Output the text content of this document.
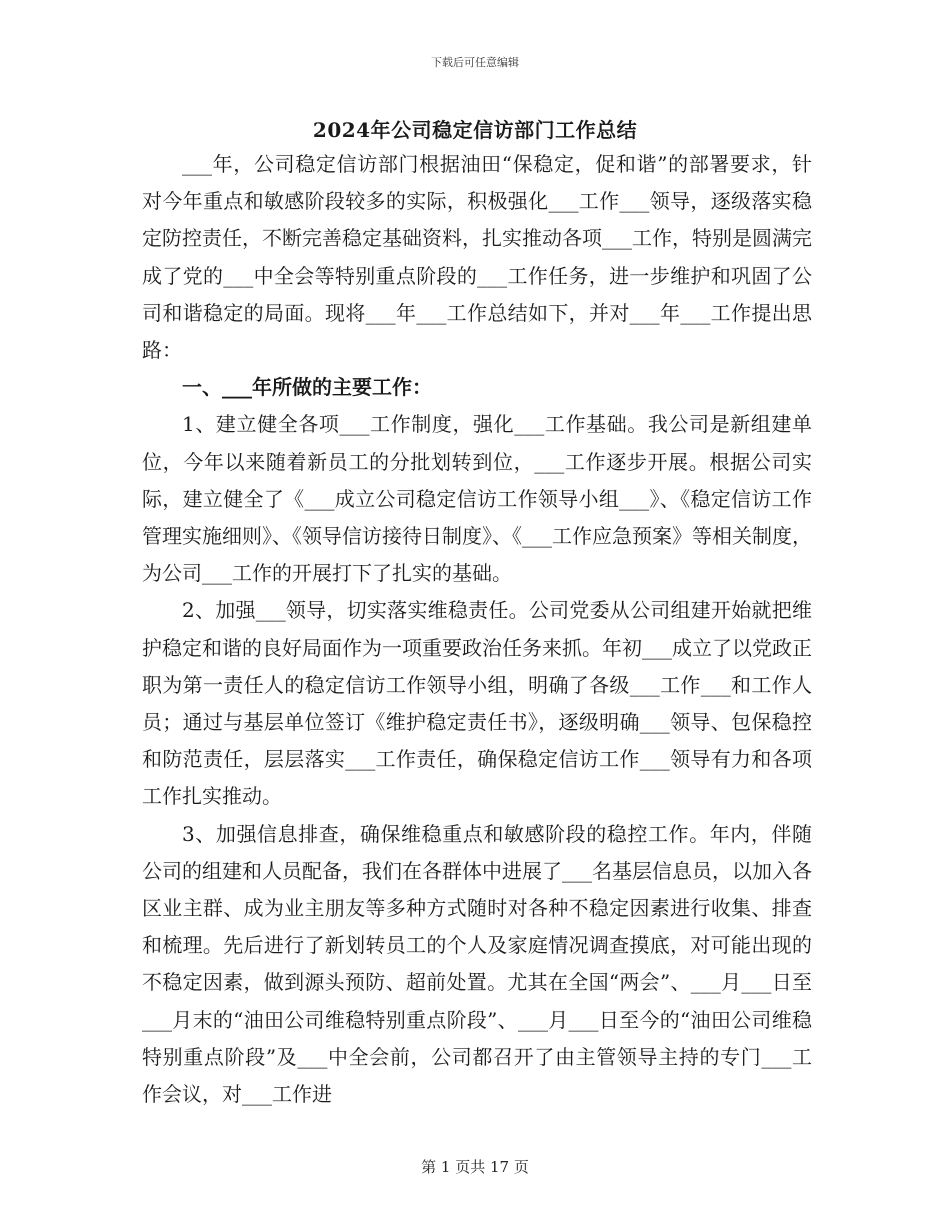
下载后可任意编辑
2024年公司稳定信访部门工作总结

___年，公司稳定信访部门根据油田“保稳定，促和谐”的部署要求，针对今年重点和敏感阶段较多的实际，积极强化___工作___领导，逐级落实稳定防控责任，不断完善稳定基础资料，扎实推动各项___工作，特别是圆满完成了党的___中全会等特别重点阶段的___工作任务，进一步维护和巩固了公司和谐稳定的局面。现将___年___工作总结如下，并对___年___工作提出思路：

一、___年所做的主要工作：

1、建立健全各项___工作制度，强化___工作基础。我公司是新组建单位，今年以来随着新员工的分批划转到位，___工作逐步开展。根据公司实际，建立健全了《___成立公司稳定信访工作领导小组___》、《稳定信访工作管理实施细则》、《领导信访接待日制度》、《___工作应急预案》等相关制度，为公司___工作的开展打下了扎实的基础。

2、加强___领导，切实落实维稳责任。公司党委从公司组建开始就把维护稳定和谐的良好局面作为一项重要政治任务来抓。年初___成立了以党政正职为第一责任人的稳定信访工作领导小组，明确了各级___工作___和工作人员；通过与基层单位签订《维护稳定责任书》，逐级明确___领导、包保稳控和防范责任，层层落实___工作责任，确保稳定信访工作___领导有力和各项工作扎实推动。

3、加强信息排查，确保维稳重点和敏感阶段的稳控工作。年内，伴随公司的组建和人员配备，我们在各群体中进展了___名基层信息员，以加入各区业主群、成为业主朋友等多种方式随时对各种不稳定因素进行收集、排查和梳理。先后进行了新划转员工的个人及家庭情况调查摸底，对可能出现的不稳定因素，做到源头预防、超前处置。尤其在全国“两会”、___月___日至___月末的“油田公司维稳特别重点阶段”、___月___日至今的“油田公司维稳特别重点阶段”及___中全会前，公司都召开了由主管领导主持的专门___工作会议，对___工作进

第 1 页共 17 页
